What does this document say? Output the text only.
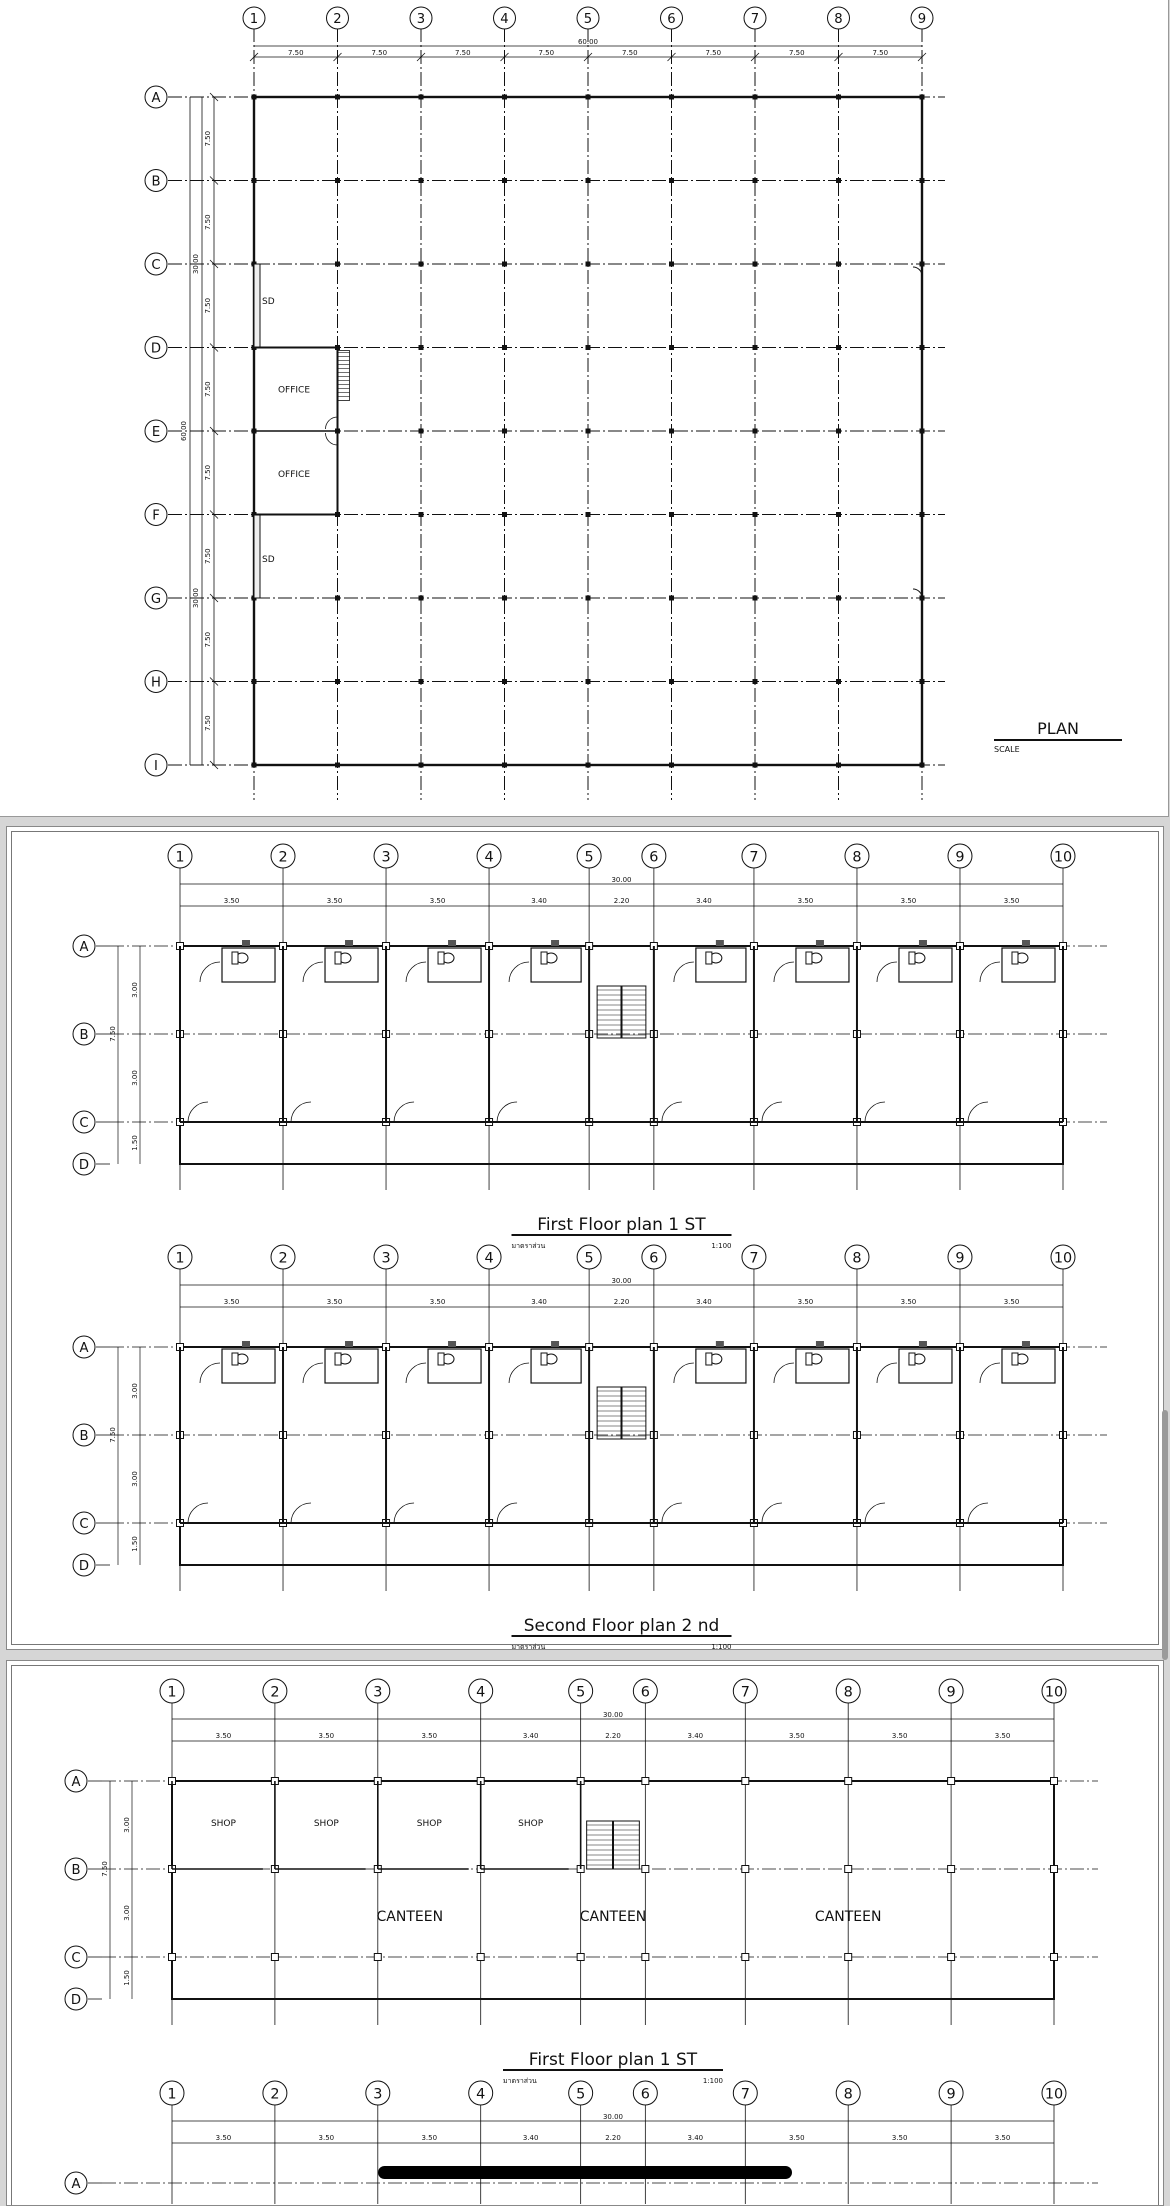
1	2	3	4	5	6	7	8	9
A
B
C
D
E
F
G
H
I
60.00
7.50	7.50	7.50	7.50	7.50	7.50	7.50	7.50
7.50
7.50
7.50
7.50
7.50
7.50
7.50
7.50
30.00
30.00
60.00
SD
SD
OFFICE
OFFICE
PLAN
SCALE
1	2	3	4	5	6	7	8	9	10
30.00
3.50	3.50	3.50	3.40	2.20	3.40	3.50	3.50	3.50
A
B
C
D
7.50
3.00
3.00
1.50
First Floor plan 1 ST
มาตราส่วน	1:100
1	2	3	4	5	6	7	8	9	10
30.00
3.50	3.50	3.50	3.40	2.20	3.40	3.50	3.50	3.50
A
B
C
D
7.50
3.00
3.00
1.50
Second Floor plan 2 nd
มาตราส่วน	1:100
1	2	3	4	5	6	7	8	9	10
30.00
3.50	3.50	3.50	3.40	2.20	3.40	3.50	3.50	3.50
A
B
C
D
7.50
3.00
3.00
1.50
SHOP	SHOP	SHOP	SHOP
CANTEEN	CANTEEN	CANTEEN
First Floor plan 1 ST
มาตราส่วน	1:100
1	2	3	4	5	6	7	8	9	10
30.00
3.50	3.50	3.50	3.40	2.20	3.40	3.50	3.50	3.50
A
